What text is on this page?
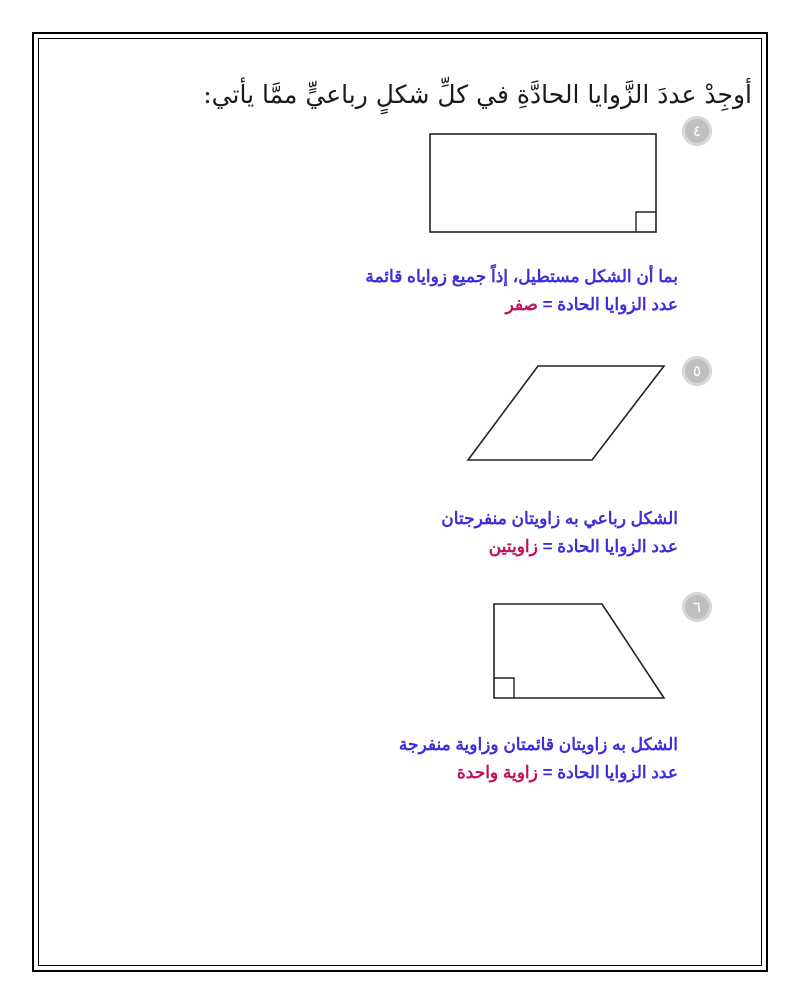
أوجِدْ عددَ الزَّوايا الحادَّةِ في كلِّ شكلٍ رباعيٍّ ممَّا يأتي:
٤
بما أن الشكل مستطيل، إذاً جميع زواياه قائمة
عدد الزوايا الحادة = صفر
٥
الشكل رباعي به زاويتان منفرجتان
عدد الزوايا الحادة = زاويتين
٦
الشكل به زاويتان قائمتان وزاوية منفرجة
عدد الزوايا الحادة = زاوية واحدة
